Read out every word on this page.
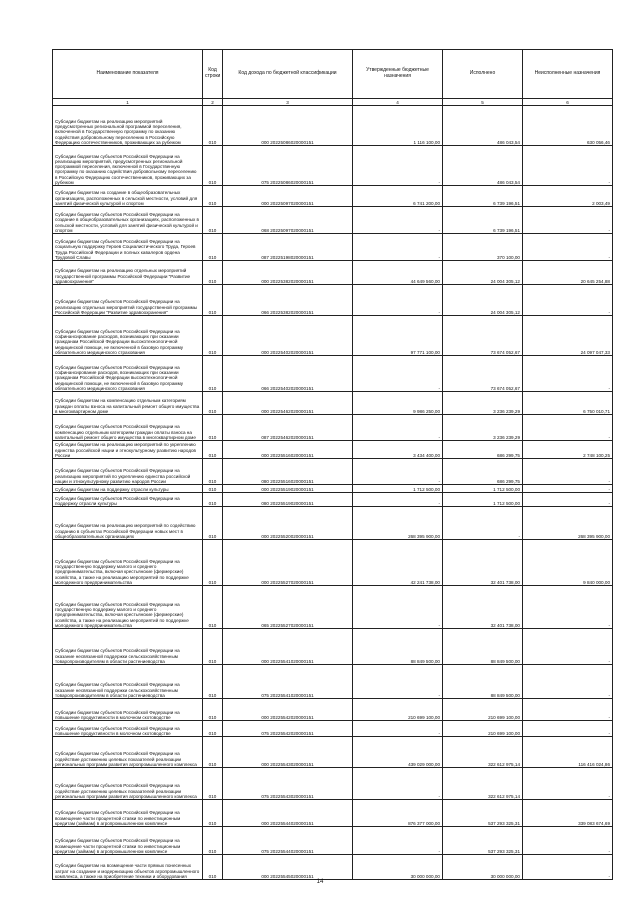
Наименование показателя	Код строки	Код дохода по бюджетной классификации	Утвержденные бюджетные назначения	Исполнено	Неисполненные назначения
1	2	3	4	5	6
Субсидии бюджетам на реализацию мероприятий предусмотренных региональной программой переселения, включенной в Государственную программу по оказанию содействия добровольному переселению в Российскую Федерацию соотечественников, проживающих за рубежом	010	000 20225086020000151	1 116 100,00	486 043,54	630 056,46
Субсидии бюджетам субъектов Российской Федерации на реализацию мероприятий, предусмотренных региональной программой переселения, включенной в Государственную программу по оказанию содействия добровольному переселению в Российскую Федерацию соотечественников, проживающих за рубежом	010	075 20225086020000151	-	486 043,54	-
Субсидии бюджетам на создание в общеобразовательных организациях, расположенных в сельской местности, условий для занятий физической культурой и спортом	010	000 20225097020000151	6 741 200,00	6 739 196,51	2 003,49
Субсидии бюджетам субъектов Российской Федерации на создание в общеобразовательных организациях, расположенных в сельской местности, условий для занятий физической культурой и спортом	010	068 20225097020000151	-	6 739 196,51	-
Субсидии бюджетам субъектов Российской Федерации на социальную поддержку Героев Социалистического Труда, Героев Труда Российской Федерации и полных кавалеров ордена Трудовой Славы	010	087 20225198020000151	-	370 100,00	-
Субсидии бюджетам на реализацию отдельных мероприятий государственной программы Российской Федерации "Развитие здравоохранения"	010	000 20225382020000151	44 649 560,00	24 004 305,12	20 645 254,88
Субсидии бюджетам субъектов Российской Федерации на реализацию отдельных мероприятий государственной программы Российской Федерации "Развитие здравоохранения"	010	066 20225382020000151	-	24 004 305,12	-
Субсидии бюджетам субъектов Российской Федерации на софинансирование расходов, возникающих при оказании гражданам Российской Федерации высокотехнологичной медицинской помощи, не включенной в базовую программу обязательного медицинского страхования	010	000 20225402020000151	97 771 100,00	73 674 052,67	24 097 047,33
Субсидии бюджетам субъектов Российской Федерации на софинансирование расходов, возникающих при оказании гражданам Российской Федерации высокотехнологичной медицинской помощи, не включенной в базовую программу обязательного медицинского страхования	010	066 20225402020000151	-	73 674 052,67	-
Субсидии бюджетам на компенсацию отдельным категориям граждан оплаты взноса на капитальный ремонт общего имущества в многоквартирном доме	010	000 20225462020000151	9 986 250,00	3 236 239,29	6 750 010,71
Субсидии бюджетам субъектов Российской Федерации на компенсацию отдельным категориям граждан оплаты взноса на капитальный ремонт общего имущества в многоквартирном доме	010	087 20225462020000151	-	3 236 239,29	-
Субсидии бюджетам на реализацию мероприятий по укреплению единства российской нации и этнокультурному развитию народов России	010	000 20225516020000151	3 434 400,00	686 299,75	2 748 100,25
Субсидии бюджетам субъектов Российской Федерации на реализацию мероприятий по укреплению единства российской нации и этнокультурному развитию народов России	010	080 20225516020000151	-	686 299,75	-
Субсидии бюджетам на поддержку отрасли культуры	010	000 20225519020000151	1 712 500,00	1 712 500,00	-
Субсидии бюджетам субъектов Российской Федерации на поддержку отрасли культуры	010	080 20225519020000151	-	1 712 500,00	-
Субсидии бюджетам на реализацию мероприятий по содействию созданию в субъектах Российской Федерации новых мест в общеобразовательных организациях	010	000 20225520020000151	268 395 900,00	-	268 395 900,00
Субсидии бюджетам субъектов Российской Федерации на государственную поддержку малого и среднего предпринимательства, включая крестьянские (фермерские) хозяйства, а также на реализацию мероприятий по поддержке молодежного предпринимательства	010	000 20225527020000151	42 241 738,00	32 401 738,00	9 840 000,00
Субсидии бюджетам субъектов Российской Федерации на государственную поддержку малого и среднего предпринимательства, включая крестьянские (фермерские) хозяйства, а также на реализацию мероприятий по поддержке молодежного предпринимательства	010	065 20225527020000151	-	32 401 738,00	-
Субсидии бюджетам субъектов Российской Федерации на оказание несвязанной поддержки сельскохозяйственным товаропроизводителям в области растениеводства	010	000 20225541020000151	88 849 500,00	88 849 500,00	-
Субсидии бюджетам субъектов Российской Федерации на оказание несвязанной поддержки сельскохозяйственным товаропроизводителям в области растениеводства	010	075 20225541020000151	-	88 849 500,00	-
Субсидии бюджетам субъектов Российской Федерации на повышение продуктивности в молочном скотоводстве	010	000 20225542020000151	210 699 100,00	210 699 100,00	-
Субсидии бюджетам субъектов Российской Федерации на повышение продуктивности в молочном скотоводстве	010	075 20225542020000151	-	210 699 100,00	-
Субсидии бюджетам субъектов Российской Федерации на содействие достижению целевых показателей реализации региональных программ развития агропромышленного комплекса	010	000 20225543020000151	439 029 000,00	322 612 975,14	116 416 024,86
Субсидии бюджетам субъектов Российской Федерации на содействие достижению целевых показателей реализации региональных программ развития агропромышленного комплекса	010	075 20225543020000151	-	322 612 975,14	-
Субсидии бюджетам субъектов Российской Федерации на возмещение части процентной ставки по инвестиционным кредитам (займам) в агропромышленном комплексе	010	000 20225544020000151	876 377 000,00	537 293 325,31	339 083 674,69
Субсидии бюджетам субъектов Российской Федерации на возмещение части процентной ставки по инвестиционным кредитам (займам) в агропромышленном комплексе	010	075 20225544020000151	-	537 293 325,31	-
Субсидии бюджетам на возмещение части прямых понесенных затрат на создание и модернизацию объектов агропромышленного комплекса, а также на приобретение техники и оборудования	010	000 20225545020000151	30 000 000,00	30 000 000,00	-
14
